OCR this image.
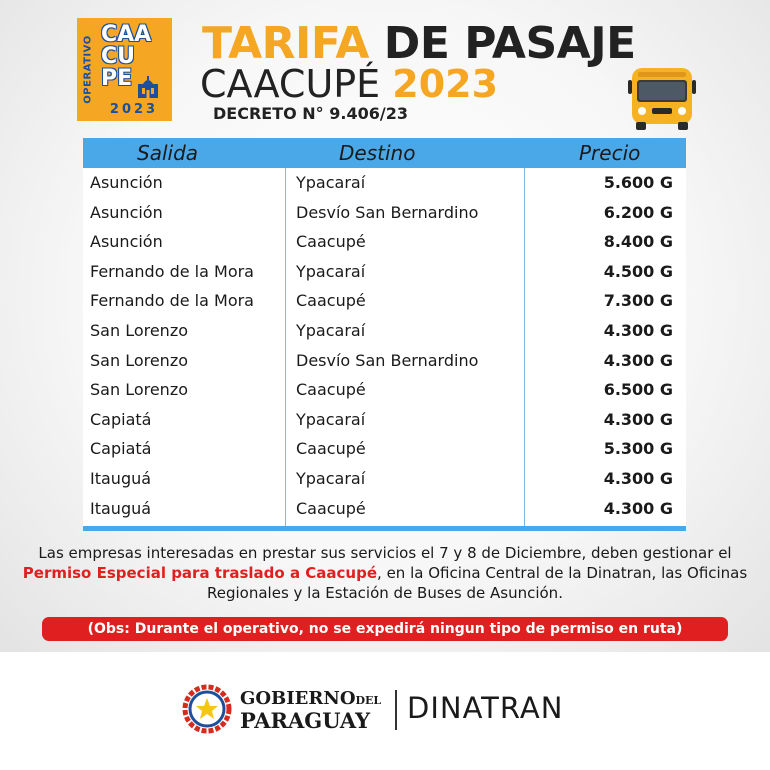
OPERATIVO
CAA
CU
PE
2023
TARIFA DE PASAJE
CAACUPÉ 2023
DECRETO N° 9.406/23
Salida	Destino	Precio
Asunción	Ypacaraí	5.600 G
Asunción	Desvío San Bernardino	6.200 G
Asunción	Caacupé	8.400 G
Fernando de la Mora	Ypacaraí	4.500 G
Fernando de la Mora	Caacupé	7.300 G
San Lorenzo	Ypacaraí	4.300 G
San Lorenzo	Desvío San Bernardino	4.300 G
San Lorenzo	Caacupé	6.500 G
Capiatá	Ypacaraí	4.300 G
Capiatá	Caacupé	5.300 G
Itauguá	Ypacaraí	4.300 G
Itauguá	Caacupé	4.300 G
Las empresas interesadas en prestar sus servicios el 7 y 8 de Diciembre, deben gestionar el Permiso Especial para traslado a Caacupé, en la Oficina Central de la Dinatran, las Oficinas Regionales y la Estación de Buses de Asunción.
(Obs: Durante el operativo, no se expedirá ningun tipo de permiso en ruta)
GOBIERNODEL
PARAGUAY DINATRAN
